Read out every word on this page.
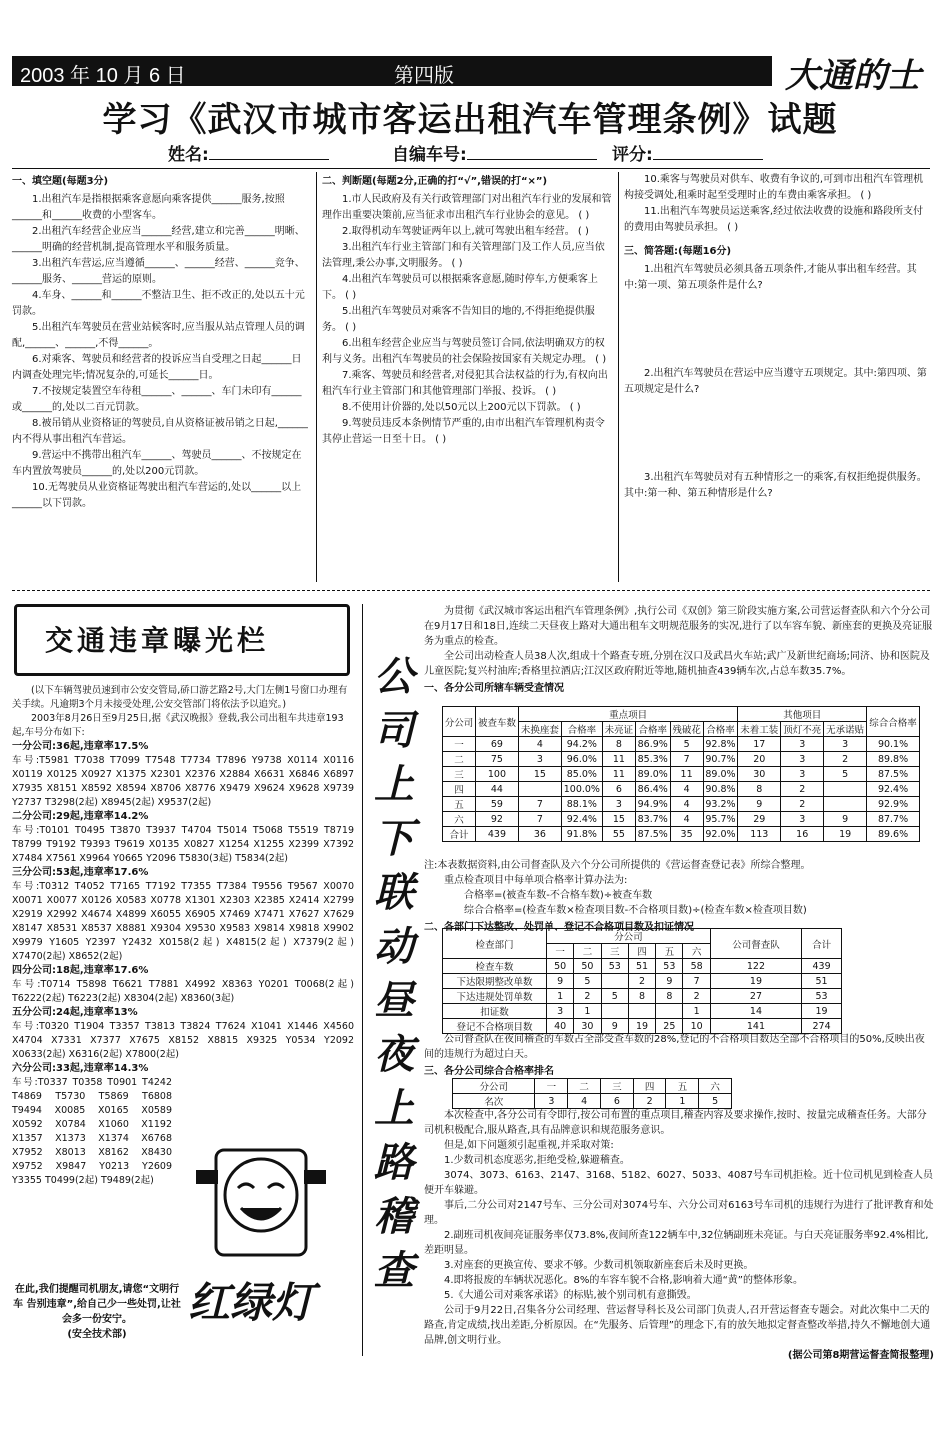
2003 年 10 月 6 日	第四版	大通的士
学习《武汉市城市客运出租汽车管理条例》试题
姓名:	自编车号:	评分:
一、填空题(每题3分)

1.出租汽车是指根据乘客意愿向乘客提供______服务,按照______和______收费的小型客车。

2.出租汽车经营企业应当______经营,建立和完善______明晰、______明确的经营机制,提高管理水平和服务质量。

3.出租汽车营运,应当遵循______、______经营、______竞争、______服务、______营运的原则。

4.车身、______和______不整洁卫生、拒不改正的,处以五十元罚款。

5.出租汽车驾驶员在营业站候客时,应当服从站点管理人员的调配,______、______,不得______。

6.对乘客、驾驶员和经营者的投诉应当自受理之日起______日内调查处理完毕;情况复杂的,可延长______日。

7.不按规定装置空车待租______、______、车门未印有______或______的,处以二百元罚款。

8.被吊销从业资格证的驾驶员,自从资格证被吊销之日起,______内不得从事出租汽车营运。

9.营运中不携带出租汽车______、驾驶员______、不按规定在车内置放驾驶员______的,处以200元罚款。

10.无驾驶员从业资格证驾驶出租汽车营运的,处以______以上______以下罚款。

二、判断题(每题2分,正确的打“√”,错误的打“×”)

1.市人民政府及有关行政管理部门对出租汽车行业的发展和管理作出重要决策前,应当征求市出租汽车行业协会的意见。 ( )

2.取得机动车驾驶证两年以上,就可驾驶出租车经营。 ( )

3.出租汽车行业主管部门和有关管理部门及工作人员,应当依法管理,秉公办事,文明服务。 ( )

4.出租汽车驾驶员可以根据乘客意愿,随时停车,方便乘客上下。 ( )

5.出租汽车驾驶员对乘客不告知目的地的,不得拒绝提供服务。 ( )

6.出租车经营企业应当与驾驶员签订合同,依法明确双方的权利与义务。出租汽车驾驶员的社会保险按国家有关规定办理。 ( )

7.乘客、驾驶员和经营者,对侵犯其合法权益的行为,有权向出租汽车行业主管部门和其他管理部门举报、投诉。 ( )

8.不使用计价器的,处以50元以上200元以下罚款。 ( )

9.驾驶员违反本条例情节严重的,由市出租汽车管理机构责令其停止营运一日至十日。 ( )

10.乘客与驾驶员对供车、收费有争议的,可到市出租汽车管理机构接受调处,租乘时起至受理时止的车费由乘客承担。 ( )

11.出租汽车驾驶员运送乘客,经过依法收费的设施和路段所支付的费用由驾驶员承担。 ( )

三、简答题:(每题16分)

1.出租汽车驾驶员必须具备五项条件,才能从事出租车经营。其中:第一项、第五项条件是什么?

2.出租汽车驾驶员在营运中应当遵守五项规定。其中:第四项、第五项规定是什么?

3.出租汽车驾驶员对有五种情形之一的乘客,有权拒绝提供服务。其中:第一种、第五种情形是什么?

交通违章曝光栏

(以下车辆驾驶员速到市公安交管局,硚口游艺路2号,大门左侧1号窗口办理有关手续。凡逾期3个月未接受处理,公安交管部门将依法予以追究。)

2003年8月26日至9月25日,据《武汉晚报》登载,我公司出租车共违章193起,车号分布如下:

一分公司:36起,违章率17.5%
车号:T5981 T7038 T7099 T7548 T7734 T7896 Y9738 X0114 X0116 X0119 X0125 X0927 X1375 X2301 X2376 X2884 X6631 X6846 X6897 X7935 X8151 X8592 X8594 X8706 X8776 X9479 X9624 X9628 X9739 Y2737 T3298(2起) X8945(2起) X9537(2起)
二分公司:29起,违章率14.2%
车号:T0101 T0495 T3870 T3937 T4704 T5014 T5068 T5519 T8719 T8799 T9192 T9393 T9619 X0135 X0827 X1254 X1255 X2399 X7392 X7484 X7561 X9964 Y0665 Y2096 T5830(3起) T5834(2起)
三分公司:53起,违章率17.6%
车号:T0312 T4052 T7165 T7192 T7355 T7384 T9556 T9567 X0070 X0071 X0077 X0126 X0583 X0778 X1301 X2303 X2385 X2414 X2799 X2919 X2992 X4674 X4899 X6055 X6905 X7469 X7471 X7627 X7629 X8147 X8531 X8537 X8881 X9304 X9530 X9583 X9814 X9818 X9902 X9979 Y1605 Y2397 Y2432 X0158(2起) X4815(2起) X7379(2起) X7470(2起) X8652(2起)
四分公司:18起,违章率17.6%
车号:T0714 T5898 T6621 T7881 X4992 X8363 Y0201 T0068(2起) T6222(2起) T6223(2起) X8304(2起) X8360(3起)
五分公司:24起,违章率13%
车号:T0320 T1904 T3357 T3813 T3824 T7624 X1041 X1446 X4560 X4704 X7331 X7377 X7675 X8152 X8815 X9325 Y0534 Y2092 X0633(2起) X6316(2起) X7800(2起)
六分公司:33起,违章率14.3%
车号:T0337 T0358 T0901 T4242 T4869 T5730 T5869 T6808 T9494 X0085 X0165 X0589 X0592 X0784 X1060 X1192 X1357 X1373 X1374 X6768 X7952 X8013 X8162 X8430 X9752 X9847 Y0213 Y2609 Y3355 T0499(2起) T9489(2起)
红绿灯
在此,我们提醒司机朋友,请您“文明行车 告别违章”,给自己少一些处罚,让社会多一份安宁。
(安全技术部)
公司上下联动 昼夜上路稽查

为贯彻《武汉城市客运出租汽车管理条例》,执行公司《双创》第三阶段实施方案,公司营运督查队和六个分公司在9月17日和18日,连续二天昼夜上路对大通出租车文明规范服务的实况,进行了以车容车貌、新座套的更换及亮证服务为重点的检查。

全公司出动检查人员38人次,组成十个路查专班,分别在汉口及武昌火车站;武广及新世纪商场;同济、协和医院及儿童医院;复兴村油库;香格里拉酒店;江汉区政府附近等地,随机抽查439辆车次,占总车数35.7%。

一、各分公司所辖车辆受查情况
分公司	被查车数	重点项目						其他项目			综合合格率
		未换座套	合格率	未亮证	合格率	残破花	合格率	未着工装	顶灯不亮	无承诺贴	
一	69	4	94.2%	8	86.9%	5	92.8%	17	3	3	90.1%
二	75	3	96.0%	11	85.3%	7	90.7%	20	3	2	89.8%
三	100	15	85.0%	11	89.0%	11	89.0%	30	3	5	87.5%
四	44		100.0%	6	86.4%	4	90.8%	8	2		92.4%
五	59	7	88.1%	3	94.9%	4	93.2%	9	2		92.9%
六	92	7	92.4%	15	83.7%	4	95.7%	29	3	9	87.7%
合计	439	36	91.8%	55	87.5%	35	92.0%	113	16	19	89.6%
注:本表数据资料,由公司督查队及六个分公司所提供的《营运督查登记表》所综合整理。

重点检查项目中每单项合格率计算办法为:

合格率=(被查车数-不合格车数)÷被查车数

综合合格率=(检查车数×检查项目数-不合格项目数)÷(检查车数×检查项目数)

二、各部门下达整改、处罚单、登记不合格项目数及扣证情况
检查部门	分公司						公司督查队	合计
	一	二	三	四	五	六		
检查车数	50	50	53	51	53	58	122	439
下达限期整改单数	9	5		2	9	7	19	51
下达违规处罚单数	1	2	5	8	8	2	27	53
扣证数	3	1				1	14	19
登记不合格项目数	40	30	9	19	25	10	141	274

公司督查队在夜间稽查的车数占全部受查车数的28%,登记的不合格项目数达全部不合格项目的50%,反映出夜间的违规行为超过白天。

三、各分公司综合合格率排名
分公司	一	二	三	四	五	六
名次	3	4	6	2	1	5

本次检查中,各分公司有令即行,按公司布置的重点项目,稽查内容及要求操作,按时、按量完成稽查任务。大部分司机积极配合,服从路查,具有品牌意识和规范服务意识。

但是,如下问题须引起重视,并采取对策:

1.少数司机态度恶劣,拒绝受检,躲避稽查。

3074、3073、6163、2147、3168、5182、6027、5033、4087号车司机拒检。近十位司机见到检查人员便开车躲避。

事后,二分公司对2147号车、三分公司对3074号车、六分公司对6163号车司机的违规行为进行了批评教育和处理。

2.副班司机夜间亮证服务率仅73.8%,夜间所查122辆车中,32位辆副班未亮证。与白天亮证服务率92.4%相比,差距明显。

3.对座套的更换宣传、要求不够。少数司机领取新座套后未及时更换。

4.即将报废的车辆状况恶化。8%的车容车貌不合格,影响着大通“黄”的整体形象。

5.《大通公司对乘客承诺》的标贴,被个别司机有意撕毁。

公司于9月22日,召集各分公司经理、营运督导科长及公司部门负责人,召开营运督查专题会。对此次集中二天的路查,肯定成绩,找出差距,分析原因。在“先服务、后管理”的理念下,有的放矢地拟定督查整改举措,持久不懈地创大通品牌,创文明行业。

(据公司第8期营运督查简报整理)
